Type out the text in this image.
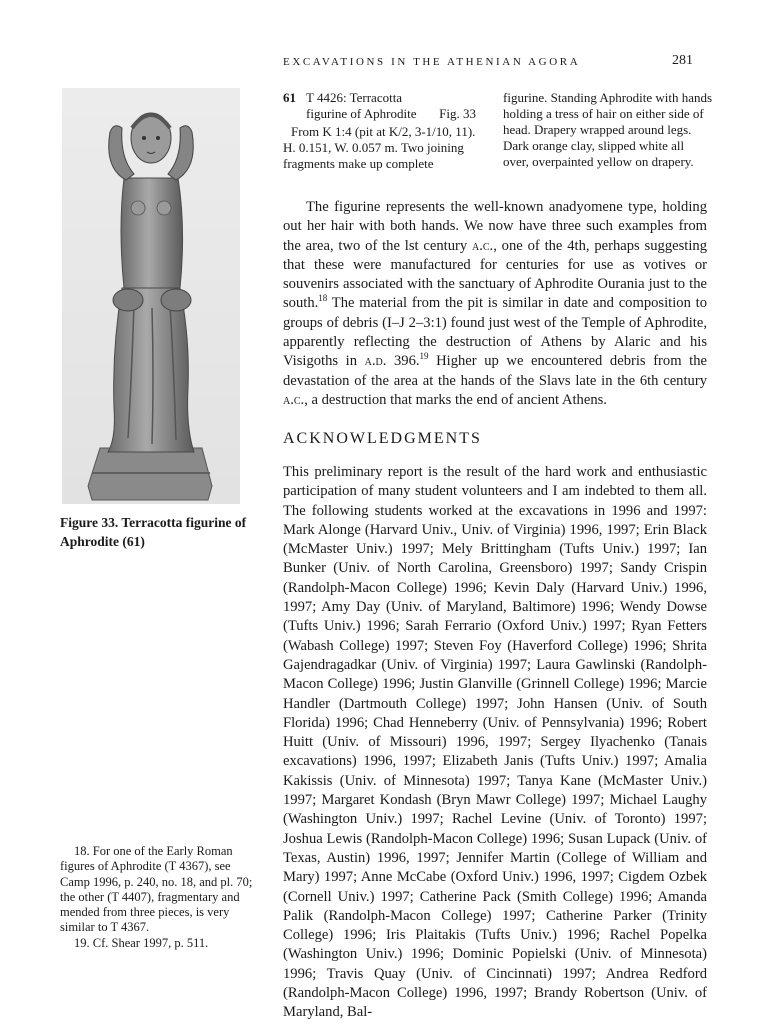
EXCAVATIONS IN THE ATHENIAN AGORA	281
Figure 33. Terracotta figurine of Aphrodite (61)
61 T 4426: Terracotta
Fig. 33
figurine of Aphrodite
From K 1:4 (pit at K/2, 3-1/10, 11). H. 0.151, W. 0.057 m. Two joining fragments make up complete
figurine. Standing Aphrodite with hands holding a tress of hair on either side of head. Drapery wrapped around legs. Dark orange clay, slipped white all over, overpainted yellow on drapery.
The figurine represents the well-known anadyomene type, holding out her hair with both hands. We now have three such examples from the area, two of the lst century a.c., one of the 4th, perhaps suggesting that these were manufactured for centuries for use as votives or souvenirs associated with the sanctuary of Aphrodite Ourania just to the south.$^{18}$ The material from the pit is similar in date and composition to groups of debris (I–J 2–3:1) found just west of the Temple of Aphrodite, apparently reflecting the destruction of Athens by Alaric and his Visigoths in a.d. 396.19 Higher up we encountered debris from the devastation of the area at the hands of the Slavs late in the 6th century a.c., a destruction that marks the end of ancient Athens.
ACKNOWLEDGMENTS
This preliminary report is the result of the hard work and enthusiastic participation of many student volunteers and I am indebted to them all. The following students worked at the excavations in 1996 and 1997: Mark Alonge (Harvard Univ., Univ. of Virginia) 1996, 1997; Erin Black (McMaster Univ.) 1997; Mely Brittingham (Tufts Univ.) 1997; Ian Bunker (Univ. of North Carolina, Greensboro) 1997; Sandy Crispin (Randolph-Macon College) 1996; Kevin Daly (Harvard Univ.) 1996, 1997; Amy Day (Univ. of Maryland, Baltimore) 1996; Wendy Dowse (Tufts Univ.) 1996; Sarah Ferrario (Oxford Univ.) 1997; Ryan Fetters (Wabash College) 1997; Steven Foy (Haverford College) 1996; Shrita Gajendragadkar (Univ. of Virginia) 1997; Laura Gawlinski (Randolph-Macon College) 1996; Justin Glanville (Grinnell College) 1996; Marcie Handler (Dartmouth College) 1997; John Hansen (Univ. of South Florida) 1996; Chad Henneberry (Univ. of Pennsylvania) 1996; Robert Huitt (Univ. of Missouri) 1996, 1997; Sergey Ilyachenko (Tanais excavations) 1996, 1997; Elizabeth Janis (Tufts Univ.) 1997; Amalia Kakissis (Univ. of Minnesota) 1997; Tanya Kane (McMaster Univ.) 1997; Margaret Kondash (Bryn Mawr College) 1997; Michael Laughy (Washington Univ.) 1997; Rachel Levine (Univ. of Toronto) 1997; Joshua Lewis (Randolph-Macon College) 1996; Susan Lupack (Univ. of Texas, Austin) 1996, 1997; Jennifer Martin (College of William and Mary) 1997; Anne McCabe (Oxford Univ.) 1996, 1997; Cigdem Ozbek (Cornell Univ.) 1997; Catherine Pack (Smith College) 1996; Amanda Palik (Randolph-Macon College) 1997; Catherine Parker (Trinity College) 1996; Iris Plaitakis (Tufts Univ.) 1996; Rachel Popelka (Washington Univ.) 1996; Dominic Popielski (Univ. of Minnesota) 1996; Travis Quay (Univ. of Cincinnati) 1997; Andrea Redford (Randolph-Macon College) 1996, 1997; Brandy Robertson (Univ. of Maryland, Bal-

18. For one of the Early Roman figures of Aphrodite (T 4367), see Camp 1996, p. 240, no. 18, and pl. 70; the other (T 4407), fragmentary and mended from three pieces, is very similar to T 4367.

19. Cf. Shear 1997, p. 511.
